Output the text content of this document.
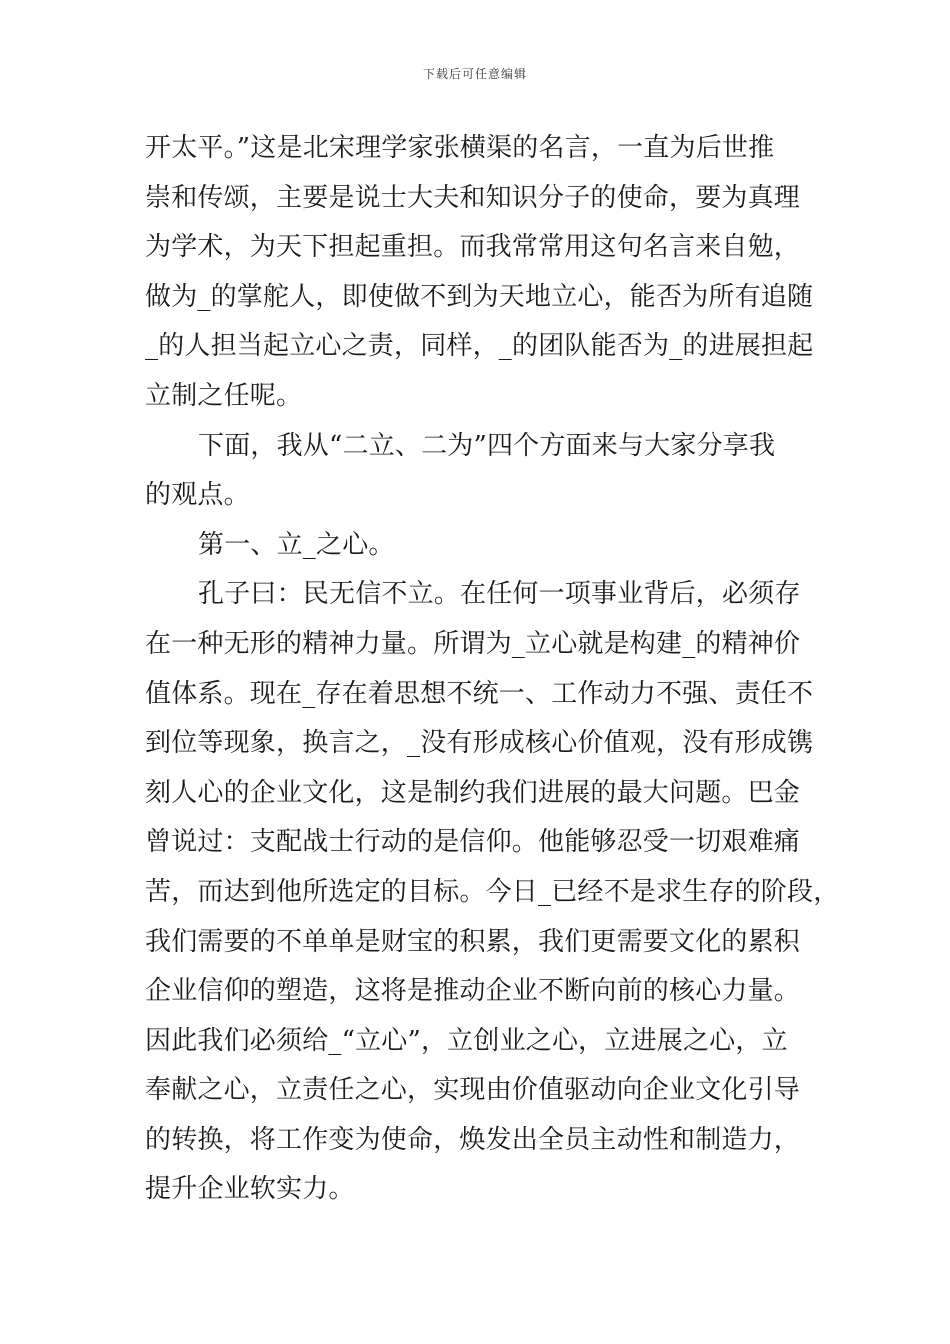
下载后可任意编辑
开太平。”这是北宋理学家张横渠的名言，一直为后世推
崇和传颂，主要是说士大夫和知识分子的使命，要为真理
为学术，为天下担起重担。而我常常用这句名言来自勉，
做为_的掌舵人，即使做不到为天地立心，能否为所有追随
_的人担当起立心之责，同样，_的团队能否为_的进展担起
立制之任呢。
下面，我从“二立、二为”四个方面来与大家分享我
的观点。
第一、立_之心。
孔子曰：民无信不立。在任何一项事业背后，必须存
在一种无形的精神力量。所谓为_立心就是构建_的精神价
值体系。现在_存在着思想不统一、工作动力不强、责任不
到位等现象，换言之，_没有形成核心价值观，没有形成镌
刻人心的企业文化，这是制约我们进展的最大问题。巴金
曾说过：支配战士行动的是信仰。他能够忍受一切艰难痛
苦，而达到他所选定的目标。今日_已经不是求生存的阶段，
我们需要的不单单是财宝的积累，我们更需要文化的累积
企业信仰的塑造，这将是推动企业不断向前的核心力量。
因此我们必须给_“立心”，立创业之心，立进展之心，立
奉献之心，立责任之心，实现由价值驱动向企业文化引导
的转换，将工作变为使命，焕发出全员主动性和制造力，
提升企业软实力。
